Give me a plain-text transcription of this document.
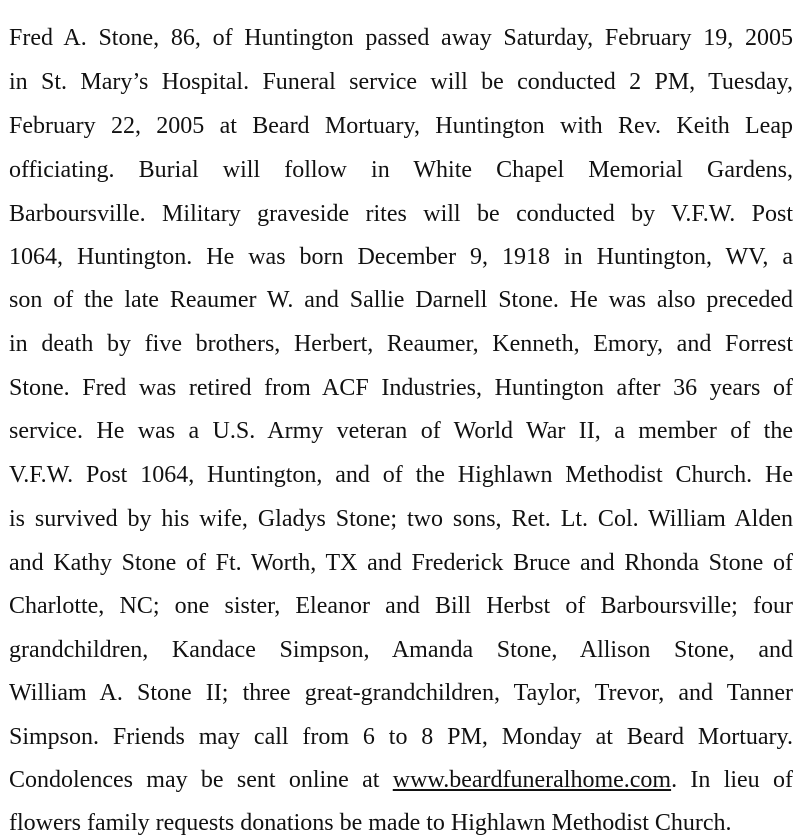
Fred A. Stone, 86, of Huntington passed away Saturday, February 19, 2005
in St. Mary’s Hospital. Funeral service will be conducted 2 PM, Tuesday,
February 22, 2005 at Beard Mortuary, Huntington with Rev. Keith Leap
officiating. Burial will follow in White Chapel Memorial Gardens,
Barboursville. Military graveside rites will be conducted by V.F.W. Post
1064, Huntington. He was born December 9, 1918 in Huntington, WV, a
son of the late Reaumer W. and Sallie Darnell Stone. He was also preceded
in death by five brothers, Herbert, Reaumer, Kenneth, Emory, and Forrest
Stone. Fred was retired from ACF Industries, Huntington after 36 years of
service. He was a U.S. Army veteran of World War II, a member of the
V.F.W. Post 1064, Huntington, and of the Highlawn Methodist Church. He
is survived by his wife, Gladys Stone; two sons, Ret. Lt. Col. William Alden
and Kathy Stone of Ft. Worth, TX and Frederick Bruce and Rhonda Stone of
Charlotte, NC; one sister, Eleanor and Bill Herbst of Barboursville; four
grandchildren, Kandace Simpson, Amanda Stone, Allison Stone, and
William A. Stone II; three great-grandchildren, Taylor, Trevor, and Tanner
Simpson. Friends may call from 6 to 8 PM, Monday at Beard Mortuary.
Condolences may be sent online at www.beardfuneralhome.com. In lieu of
flowers family requests donations be made to Highlawn Methodist Church.
